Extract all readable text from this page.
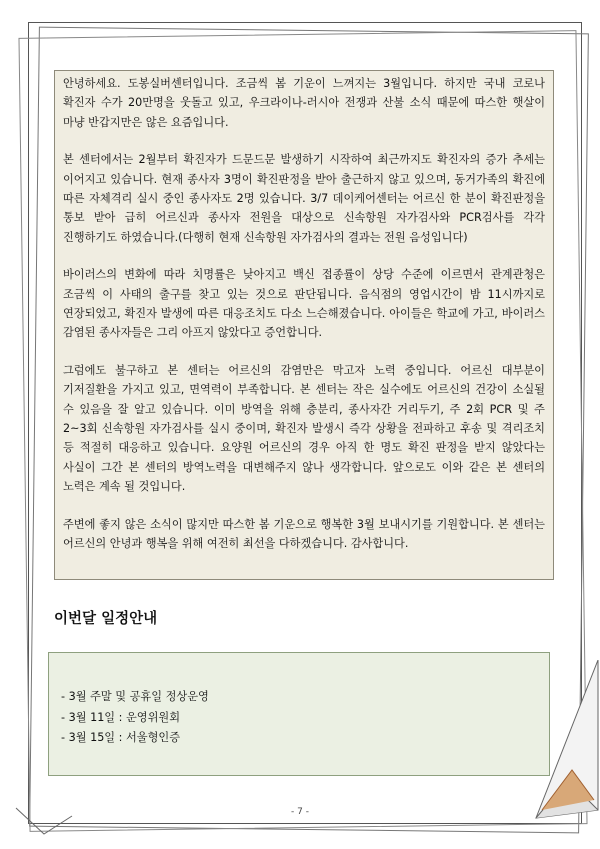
안녕하세요. 도봉실버센터입니다. 조금씩 봄 기운이 느껴지는 3월입니다. 하지만 국내 코로나 확진자 수가 20만명을 웃돌고 있고, 우크라이나-러시아 전쟁과 산불 소식 때문에 따스한 햇살이 마냥 반갑지만은 않은 요즘입니다.

본 센터에서는 2월부터 확진자가 드문드문 발생하기 시작하여 최근까지도 확진자의 증가 추세는 이어지고 있습니다. 현재 종사자 3명이 확진판정을 받아 출근하지 않고 있으며, 동거가족의 확진에 따른 자체격리 실시 중인 종사자도 2명 있습니다. 3/7 데이케어센터는 어르신 한 분이 확진판정을 통보 받아 급히 어르신과 종사자 전원을 대상으로 신속항원 자가검사와 PCR검사를 각각 진행하기도 하였습니다.(다행히 현재 신속항원 자가검사의 결과는 전원 음성입니다)

바이러스의 변화에 따라 치명률은 낮아지고 백신 접종률이 상당 수준에 이르면서 관계관청은 조금씩 이 사태의 출구를 찾고 있는 것으로 판단됩니다. 음식점의 영업시간이 밤 11시까지로 연장되었고, 확진자 발생에 따른 대응조치도 다소 느슨해졌습니다. 아이들은 학교에 가고, 바이러스 감염된 종사자들은 그리 아프지 않았다고 증언합니다.

그럼에도 불구하고 본 센터는 어르신의 감염만은 막고자 노력 중입니다. 어르신 대부분이 기저질환을 가지고 있고, 면역력이 부족합니다. 본 센터는 작은 실수에도 어르신의 건강이 소실될 수 있음을 잘 알고 있습니다. 이미 방역을 위해 층분리, 종사자간 거리두기, 주 2회 PCR 및 주 2~3회 신속항원 자가검사를 실시 중이며, 확진자 발생시 즉각 상황을 전파하고 후송 및 격리조치 등 적절히 대응하고 있습니다. 요양원 어르신의 경우 아직 한 명도 확진 판정을 받지 않았다는 사실이 그간 본 센터의 방역노력을 대변해주지 않나 생각합니다. 앞으로도 이와 같은 본 센터의 노력은 계속 될 것입니다.

주변에 좋지 않은 소식이 많지만 따스한 봄 기운으로 행복한 3월 보내시기를 기원합니다. 본 센터는 어르신의 안녕과 행복을 위해 여전히 최선을 다하겠습니다. 감사합니다.

이번달 일정안내
- 3월 주말 및 공휴일 정상운영
- 3월 11일 : 운영위원회
- 3월 15일 : 서울형인증
- 7 -
